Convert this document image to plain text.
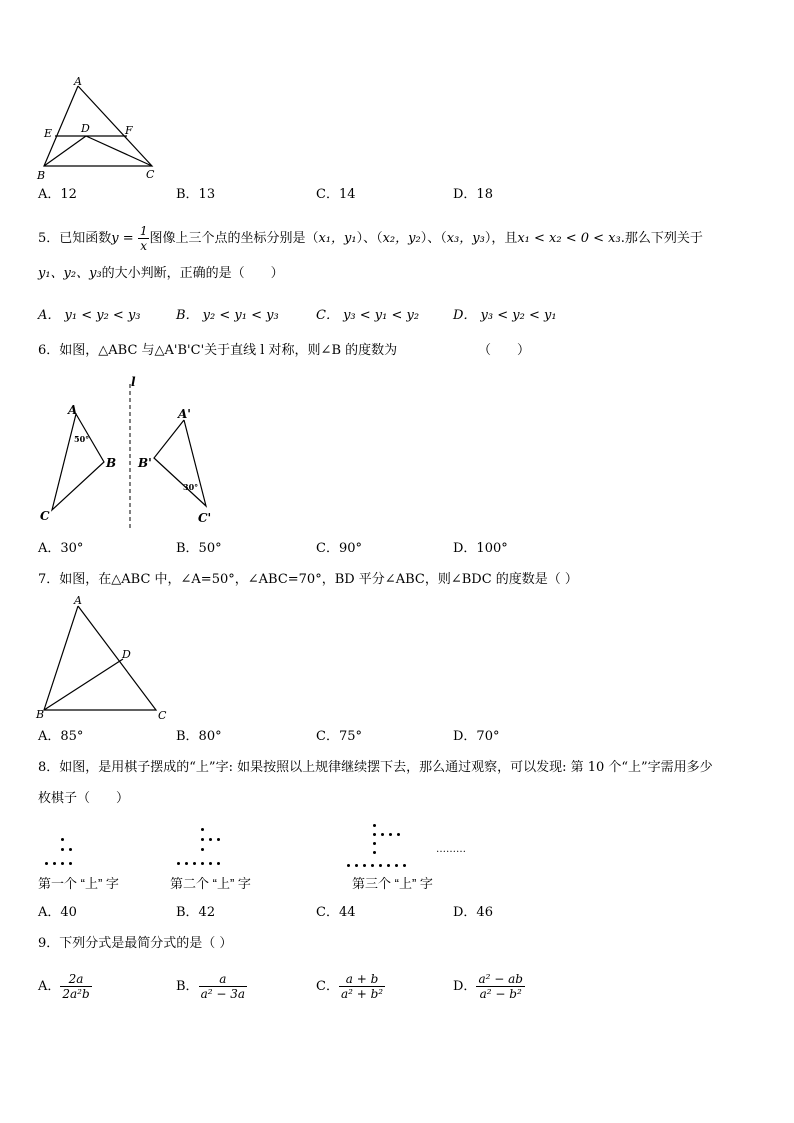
A
E	D	F
B	C
A．12	B．13	C．14	D．18
5．已知函数$y = \frac{1}{x}$ 图像上三个点的坐标分别是（x₁，y₁）、（x₂，y₂）、（x₃，y₃），且x₁ < x₂ < 0 < x₃.那么下列关于
y₁、y₂、y₃的大小判断，正确的是（　　）
A． y₁ < y₂ < y₃	B． y₂ < y₁ < y₃	C． y₃ < y₁ < y₂	D． y₃ < y₂ < y₁
6．如图，△ABC 与△A'B'C'关于直线 l 对称，则∠B 的度数为	（　　）
l
A
B
C
50°
A'
B'
C'
30°
A．30°	B．50°	C．90°	D．100°
7．如图，在△ABC 中，∠A=50°，∠ABC=70°，BD 平分∠ABC，则∠BDC 的度数是（ ）
A
D
B	C
A．85°	B．80°	C．75°	D．70°
8．如图，是用棋子摆成的“上”字: 如果按照以上规律继续摆下去，那么通过观察，可以发现: 第 10 个“上”字需用多少
枚棋子（　　）
………
第一个 “上” 字	第二个 “上” 字	第三个 “上” 字
A．40	B．42	C．44	D．46
9．下列分式是最简分式的是（ ）
A． $\frac{2a}{\text{2a²b}}$	B． $\frac{a}{\text{a² − 3a}}$	C． $\frac{a + b}{\text{a² + b²}}$	D． $\frac{\text{a² − ab}}{\text{a² − b²}}$
